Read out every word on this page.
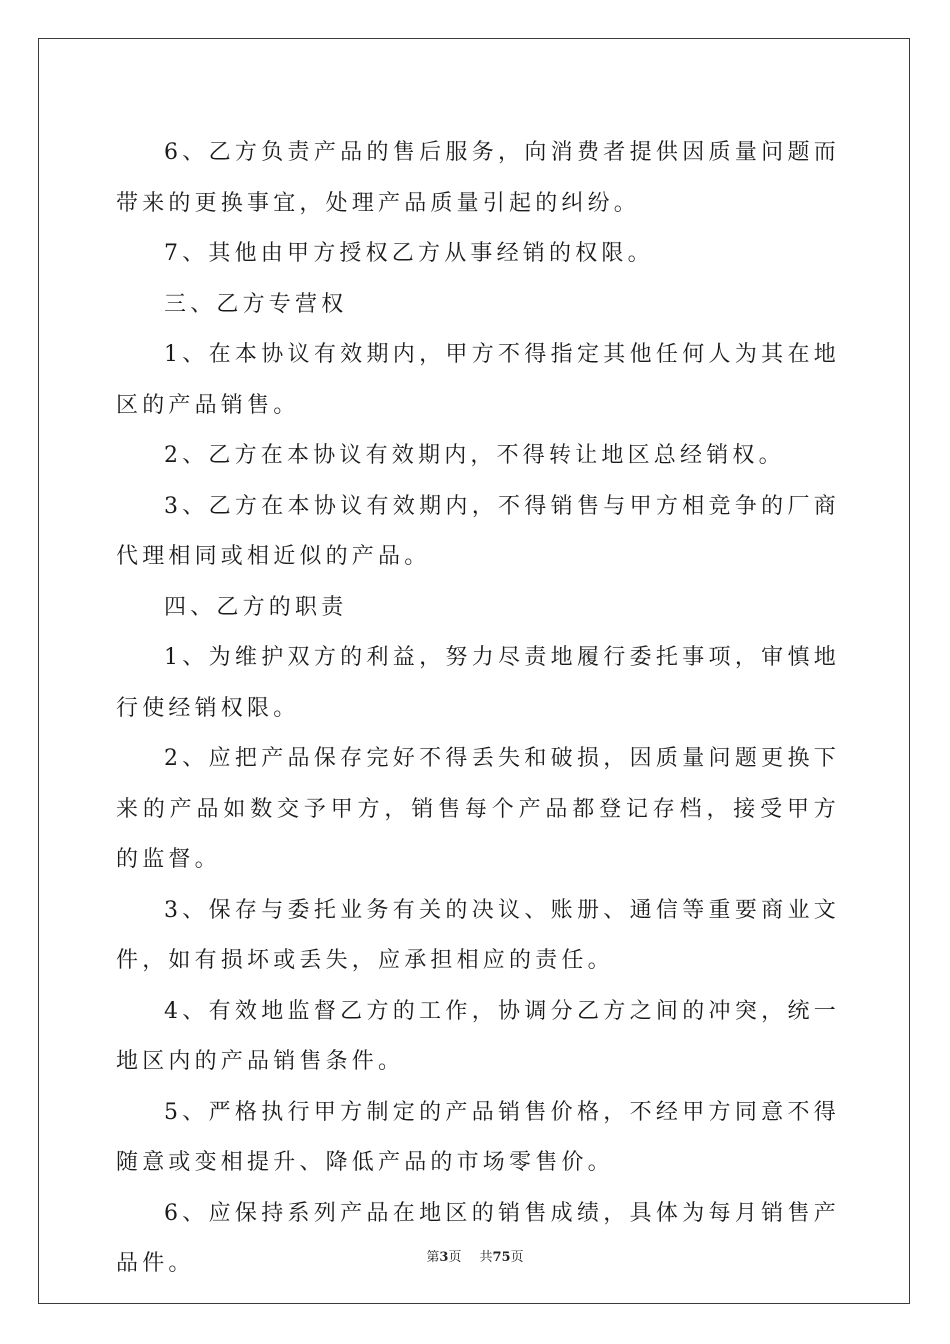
6、乙方负责产品的售后服务，向消费者提供因质量问题而带来的更换事宜，处理产品质量引起的纠纷。

7、其他由甲方授权乙方从事经销的权限。

三、乙方专营权

1、在本协议有效期内，甲方不得指定其他任何人为其在地区的产品销售。

2、乙方在本协议有效期内，不得转让地区总经销权。

3、乙方在本协议有效期内，不得销售与甲方相竞争的厂商代理相同或相近似的产品。

四、乙方的职责

1、为维护双方的利益，努力尽责地履行委托事项，审慎地行使经销权限。

2、应把产品保存完好不得丢失和破损，因质量问题更换下来的产品如数交予甲方，销售每个产品都登记存档，接受甲方的监督。

3、保存与委托业务有关的决议、账册、通信等重要商业文件，如有损坏或丢失，应承担相应的责任。

4、有效地监督乙方的工作，协调分乙方之间的冲突，统一地区内的产品销售条件。

5、严格执行甲方制定的产品销售价格，不经甲方同意不得随意或变相提升、降低产品的市场零售价。

6、应保持系列产品在地区的销售成绩，具体为每月销售产品件。	第3页 共75页
